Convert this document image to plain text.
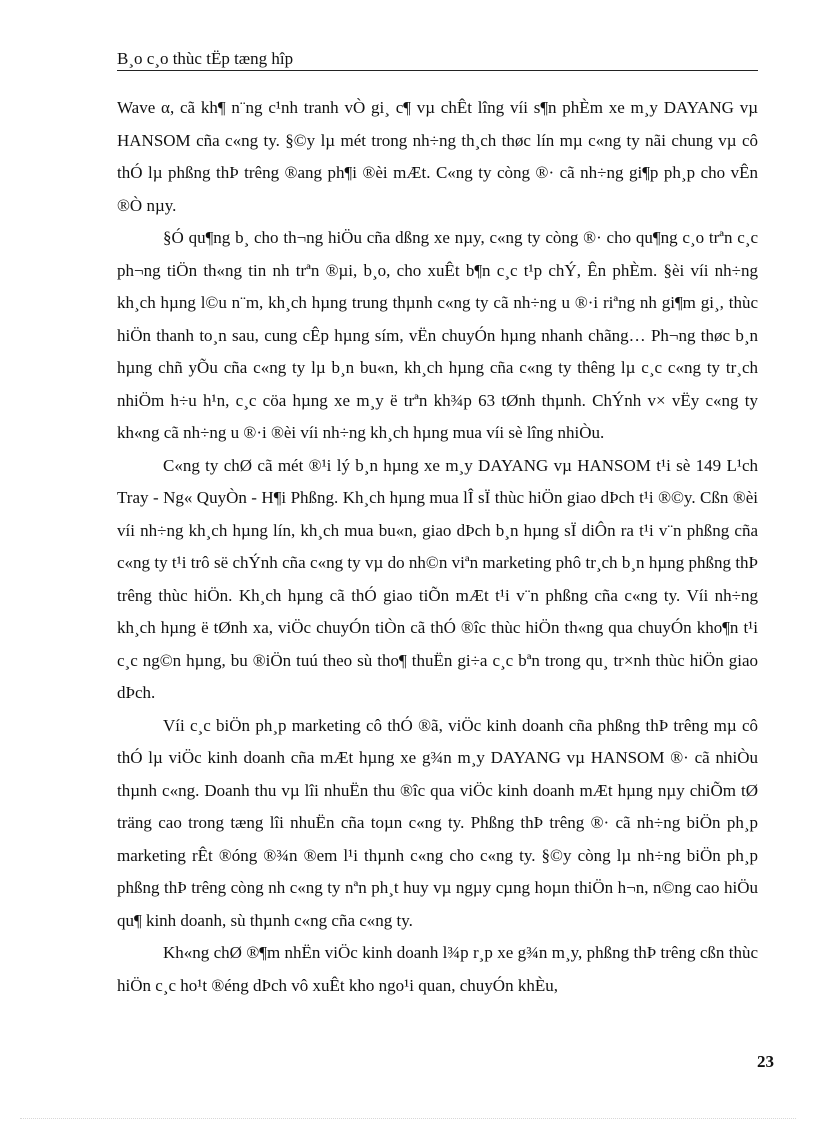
B¸o c¸o thùc tËp tæng hîp

Wave α, cã kh¶ n¨ng c¹nh tranh vÒ gi¸ c¶ vµ chÊt lîng víi s¶n phÈm xe m¸y DAYANG vµ HANSOM cña c«ng ty. §©y lµ mét trong nh÷ng th¸ch thøc lín mµ c«ng ty nãi chung vµ cô thÓ lµ phßng thÞ trêng ®ang ph¶i ®èi mÆt. C«ng ty còng ®· cã nh÷ng gi¶p ph¸p cho vÊn ®Ò nµy.

§Ó qu¶ng b¸ cho th¬ng hiÖu cña dßng xe nµy, c«ng ty còng ®· cho qu¶ng c¸o trªn c¸c ph¬ng tiÖn th«ng tin nh trªn ®µi, b¸o, cho xuÊt b¶n c¸c t¹p chÝ, Ên phÈm. §èi víi nh÷ng kh¸ch hµng l©u n¨m, kh¸ch hµng trung thµnh c«ng ty cã nh÷ng u ®·i riªng nh gi¶m gi¸, thùc hiÖn thanh to¸n sau, cung cÊp hµng sím, vËn chuyÓn hµng nhanh chãng… Ph¬ng thøc b¸n hµng chñ yÕu cña c«ng ty lµ b¸n bu«n, kh¸ch hµng cña c«ng ty thêng lµ c¸c c«ng ty tr¸ch nhiÖm h÷u h¹n, c¸c cöa hµng xe m¸y ë trªn kh¾p 63 tØnh thµnh. ChÝnh v× vËy c«ng ty kh«ng cã nh÷ng u ®·i ®èi víi nh÷ng kh¸ch hµng mua víi sè lîng nhiÒu.

C«ng ty chØ cã mét ®¹i lý b¸n hµng xe m¸y DAYANG vµ HANSOM t¹i sè 149 L¹ch Tray - Ng« QuyÒn - H¶i Phßng. Kh¸ch hµng mua lÎ sÏ thùc hiÖn giao dÞch t¹i ®©y. Cßn ®èi víi nh÷ng kh¸ch hµng lín, kh¸ch mua bu«n, giao dÞch b¸n hµng sÏ diÔn ra t¹i v¨n phßng cña c«ng ty t¹i trô së chÝnh cña c«ng ty vµ do nh©n viªn marketing phô tr¸ch b¸n hµng phßng thÞ trêng thùc hiÖn. Kh¸ch hµng cã thÓ giao tiÕn mÆt t¹i v¨n phßng cña c«ng ty. Víi nh÷ng kh¸ch hµng ë tØnh xa, viÖc chuyÓn tiÒn cã thÓ ®îc thùc hiÖn th«ng qua chuyÓn kho¶n t¹i c¸c ng©n hµng, bu ®iÖn tuú theo sù tho¶ thuËn gi÷a c¸c bªn trong qu¸ tr×nh thùc hiÖn giao dÞch.

Víi c¸c biÖn ph¸p marketing cô thÓ ®ã, viÖc kinh doanh cña phßng thÞ trêng mµ cô thÓ lµ viÖc kinh doanh cña mÆt hµng xe g¾n m¸y DAYANG vµ HANSOM ®· cã nhiÒu thµnh c«ng. Doanh thu vµ lîi nhuËn thu ®îc qua viÖc kinh doanh mÆt hµng nµy chiÕm tØ träng cao trong tæng lîi nhuËn cña toµn c«ng ty. Phßng thÞ trêng ®· cã nh÷ng biÖn ph¸p marketing rÊt ®óng ®¾n ®em l¹i thµnh c«ng cho c«ng ty. §©y còng lµ nh÷ng biÖn ph¸p phßng thÞ trêng còng nh c«ng ty nªn ph¸t huy vµ ngµy cµng hoµn thiÖn h¬n, n©ng cao hiÖu qu¶ kinh doanh, sù thµnh c«ng cña c«ng ty.

Kh«ng chØ ®¶m nhËn viÖc kinh doanh l¾p r¸p xe g¾n m¸y, phßng thÞ trêng cßn thùc hiÖn c¸c ho¹t ®éng dÞch vô xuÊt kho ngo¹i quan, chuyÓn khÈu,

23
